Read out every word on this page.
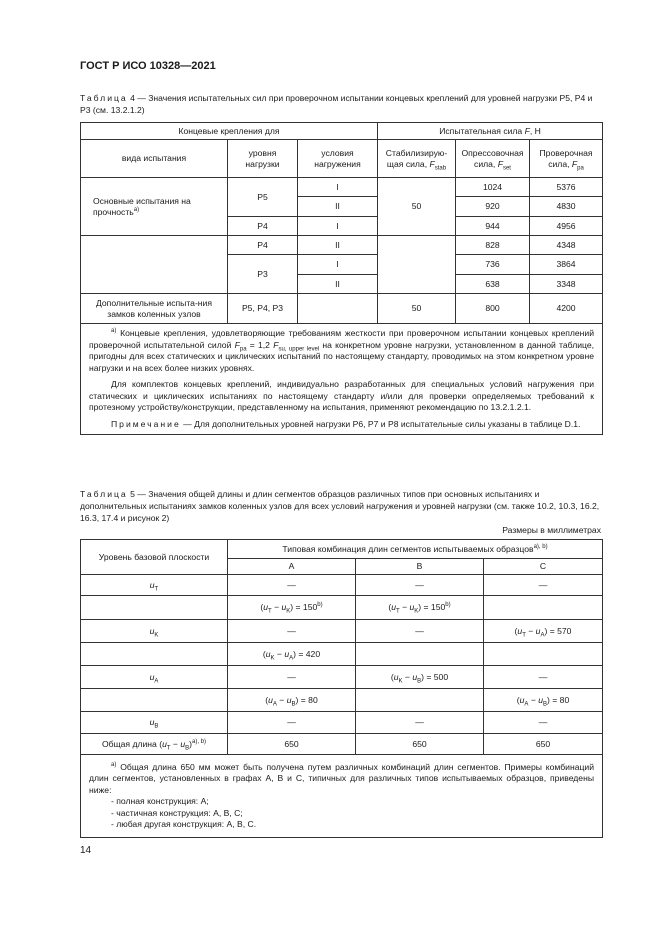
ГОСТ Р ИСО 10328—2021
Таблица 4 — Значения испытательных сил при проверочном испытании концевых креплений для уровней нагрузки P5, P4 и P3 (см. 13.2.1.2)
Концевые крепления для			Испытательная сила F, Н		
вида испытания	уровня нагрузки	условия нагружения	Стабилизирую-щая сила, $F_{stab}$	Опрессовочная сила, $F_{set}$	Проверочная сила, $F_{pa}$
Основные испытания на прочность$^{а)}$	P5	I	50	1024	5376
		II		920	4830
	P4	I		944	4956
	P4	II		828	4348
	P3	I		736	3864
		II		638	3348
Дополнительные испыта-ния замков коленных узлов	P5, P4, P3		50	800	4200

$^{а)}$ Концевые крепления, удовлетворяющие требованиям жесткости при проверочном испытании концевых креплений проверочной испытательной силой $F_{pa} = 1,2$ $F_{su, upper level}$ на конкретном уровне нагрузки, установленном в данной таблице, пригодны для всех статических и циклических испытаний по настоящему стандарту, проводимых на этом конкретном уровне нагрузки и на всех более низких уровнях.

Для комплектов концевых креплений, индивидуально разработанных для специальных условий нагружения при статических и циклических испытаниях по настоящему стандарту и/или для проверки определяемых требований к протезному устройству/конструкции, представленному на испытания, применяют рекомендацию по 13.2.1.2.1.

Примечание — Для дополнительных уровней нагрузки P6, P7 и P8 испытательные силы указаны в таблице D.1.					

Таблица 5 — Значения общей длины и длин сегментов образцов различных типов при основных испытаниях и дополнительных испытаниях замков коленных узлов для всех условий нагружения и уровней нагрузки (см. также 10.2, 10.3, 16.2, 16.3, 17.4 и рисунок 2)
Размеры в миллиметрах
Уровень базовой плоскости	Типовая комбинация длин сегментов испытываемых образцов$^{а), b)}$
	A	B	C
$u_T$	—	—	—
	$(u_T - u_K) = 150^{b)}$	$(u_T - u_K) = 150^{b)}$	
$u_K$	—	—	$(u_T - u_A) = 570$
	$(u_K - u_A) = 420$		
$u_A$	—	$(u_K - u_B) = 500$	—
	$(u_A - u_B) = 80$		$(u_A - u_B) = 80$
$u_B$	—	—	—
Общая длина $(u_T - u_B)^{а), b)}$	650	650	650

$^{а)}$ Общая длина 650 мм может быть получена путем различных комбинаций длин сегментов. Примеры комбинаций длин сегментов, установленных в графах A, B и C, типичных для различных типов испытываемых образцов, приведены ниже:

- полная конструкция: A;

- частичная конструкция: A, B, C;

- любая другая конструкция: A, B, C.			

14
